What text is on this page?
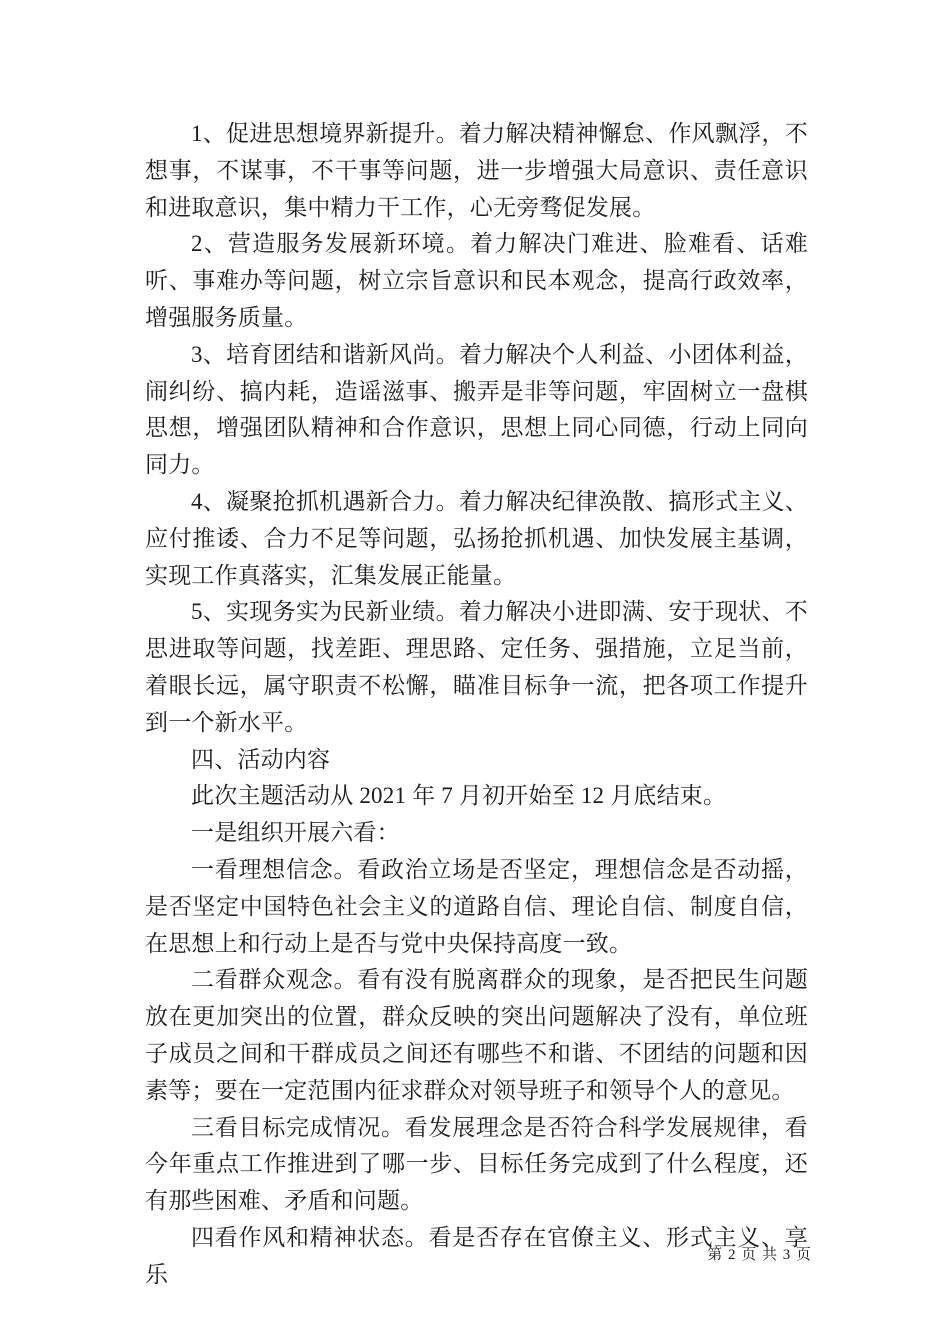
1、促进思想境界新提升。着力解决精神懈怠、作风飘浮，不想事，不谋事，不干事等问题，进一步增强大局意识、责任意识和进取意识，集中精力干工作，心无旁骛促发展。

2、营造服务发展新环境。着力解决门难进、脸难看、话难听、事难办等问题，树立宗旨意识和民本观念，提高行政效率，增强服务质量。

3、培育团结和谐新风尚。着力解决个人利益、小团体利益，闹纠纷、搞内耗，造谣滋事、搬弄是非等问题，牢固树立一盘棋思想，增强团队精神和合作意识，思想上同心同德，行动上同向同力。

4、凝聚抢抓机遇新合力。着力解决纪律涣散、搞形式主义、应付推诿、合力不足等问题，弘扬抢抓机遇、加快发展主基调，实现工作真落实，汇集发展正能量。

5、实现务实为民新业绩。着力解决小进即满、安于现状、不思进取等问题，找差距、理思路、定任务、强措施，立足当前，着眼长远，属守职责不松懈，瞄准目标争一流，把各项工作提升到一个新水平。

四、活动内容

此次主题活动从 2021 年 7 月初开始至 12 月底结束。

一是组织开展六看：

一看理想信念。看政治立场是否坚定，理想信念是否动摇，是否坚定中国特色社会主义的道路自信、理论自信、制度自信，在思想上和行动上是否与党中央保持高度一致。

二看群众观念。看有没有脱离群众的现象，是否把民生问题放在更加突出的位置，群众反映的突出问题解决了没有，单位班子成员之间和干群成员之间还有哪些不和谐、不团结的问题和因素等；要在一定范围内征求群众对领导班子和领导个人的意见。

三看目标完成情况。看发展理念是否符合科学发展规律，看今年重点工作推进到了哪一步、目标任务完成到了什么程度，还有那些困难、矛盾和问题。

四看作风和精神状态。看是否存在官僚主义、形式主义、享乐

第 2 页 共 3 页
